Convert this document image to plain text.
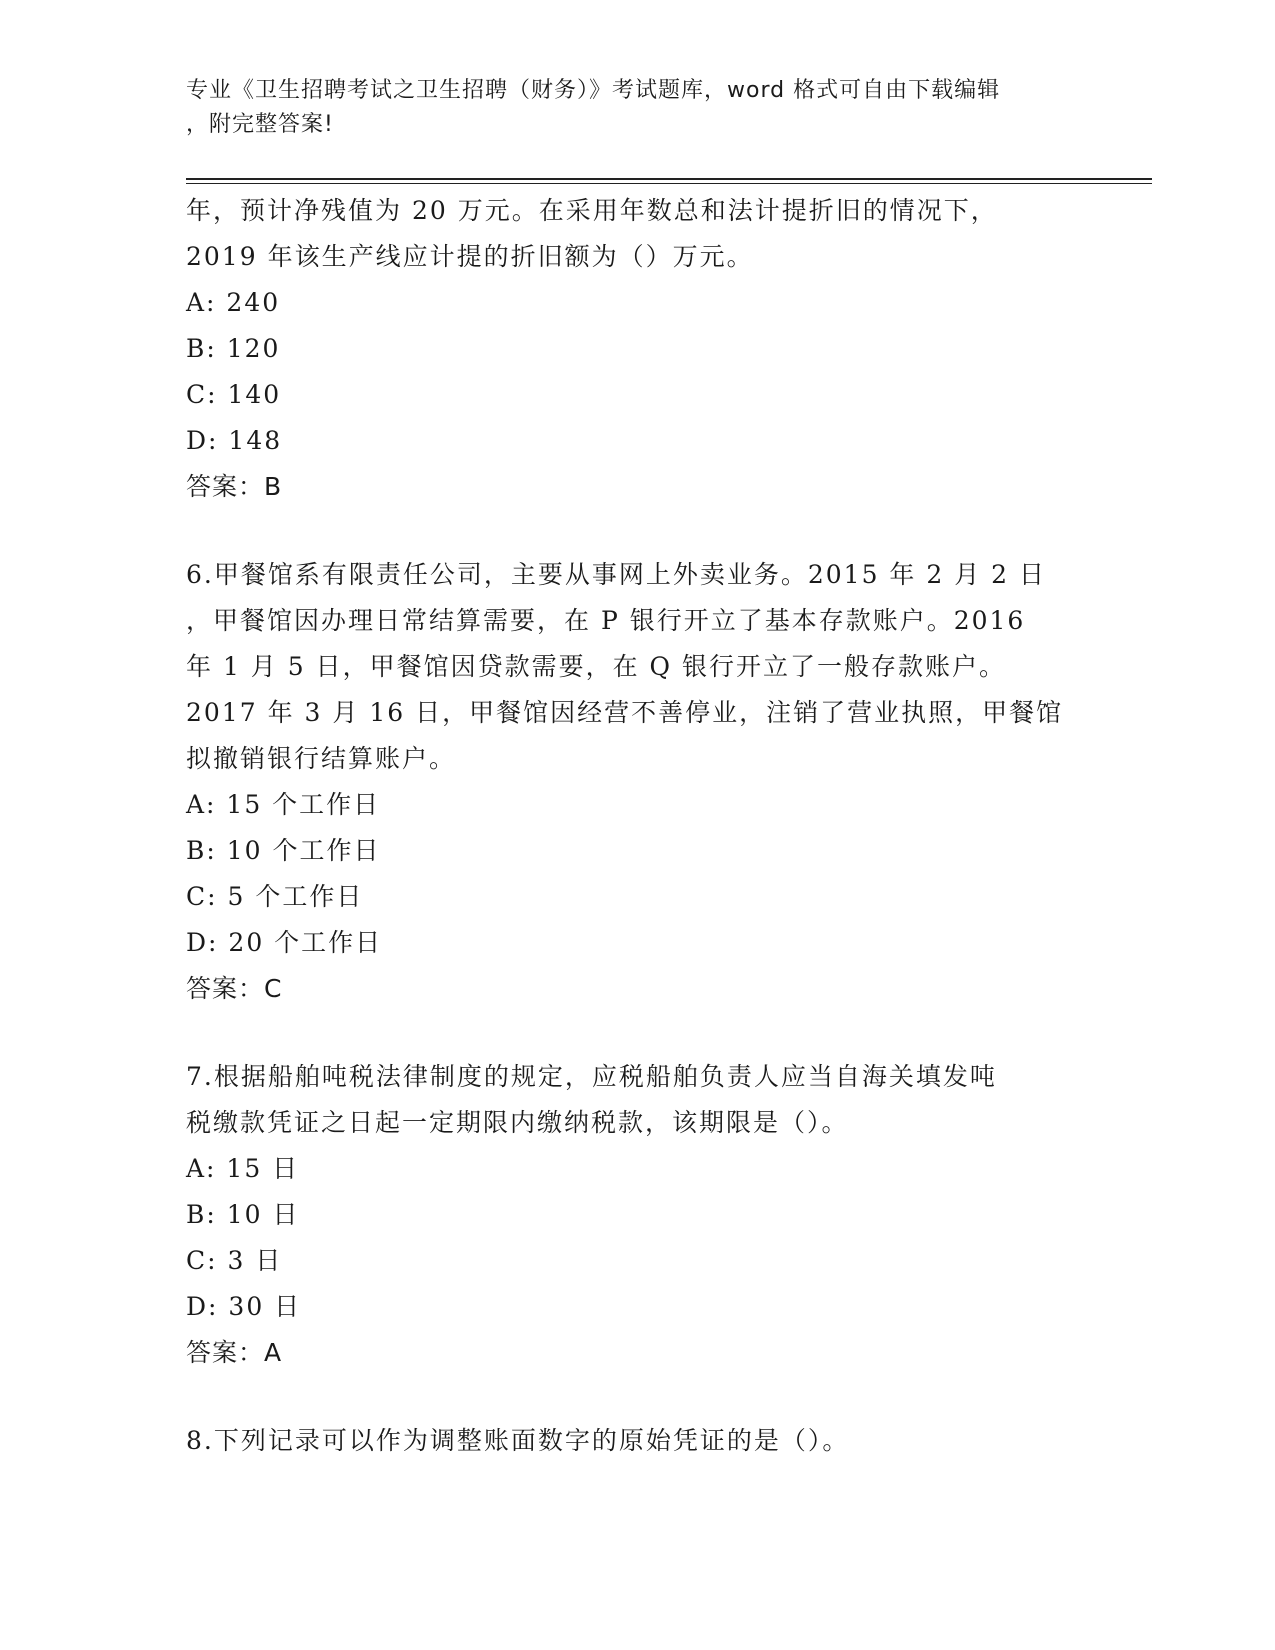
专业《卫生招聘考试之卫生招聘（财务）》考试题库，word 格式可自由下载编辑
，附完整答案!
年，预计净残值为 20 万元。在采用年数总和法计提折旧的情况下，
2019 年该生产线应计提的折旧额为（）万元。
A: 240
B: 120
C: 140
D: 148
答案：B
6.甲餐馆系有限责任公司，主要从事网上外卖业务。2015 年 2 月 2 日
，甲餐馆因办理日常结算需要，在 P 银行开立了基本存款账户。2016
年 1 月 5 日，甲餐馆因贷款需要，在 Q 银行开立了一般存款账户。
2017 年 3 月 16 日，甲餐馆因经营不善停业，注销了营业执照，甲餐馆
拟撤销银行结算账户。
A: 15 个工作日
B: 10 个工作日
C: 5 个工作日
D: 20 个工作日
答案：C
7.根据船舶吨税法律制度的规定，应税船舶负责人应当自海关填发吨
税缴款凭证之日起一定期限内缴纳税款，该期限是（）。
A: 15 日
B: 10 日
C: 3 日
D: 30 日
答案：A
8.下列记录可以作为调整账面数字的原始凭证的是（）。
